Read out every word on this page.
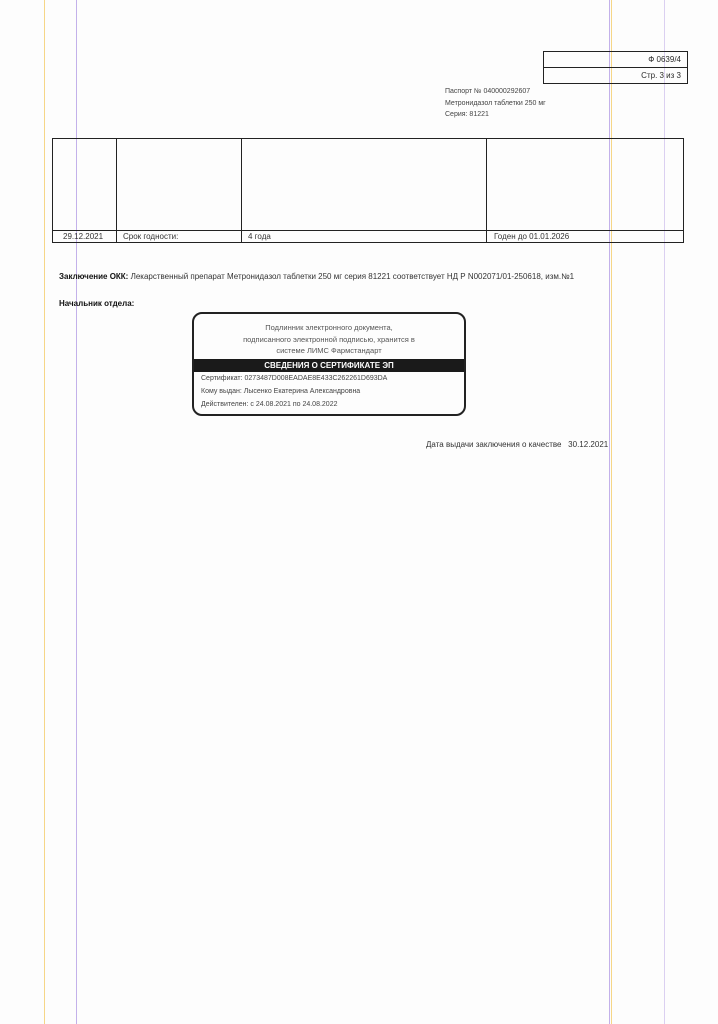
Ф 0639/4
Стр. 3 из 3
Паспорт № 040000292607
Метронидазол таблетки 250 мг
Серия: 81221
29.12.2021 Срок годности:	4 года	Годен до 01.01.2026
Заключение ОКК: Лекарственный препарат Метронидазол таблетки 250 мг серия 81221 соответствует НД Р N002071/01-250618, изм.№1
Начальник отдела:
Подлинник электронного документа,
подписанного электронной подписью, хранится в
системе ЛИМС Фармстандарт
СВЕДЕНИЯ О СЕРТИФИКАТЕ ЭП
Сертификат: 0273487D008EADAE8E433C262261D693DA
Кому выдан: Лысенко Екатерина Александровна
Действителен: с 24.08.2021 по 24.08.2022
Дата выдачи заключения о качестве   30.12.2021
